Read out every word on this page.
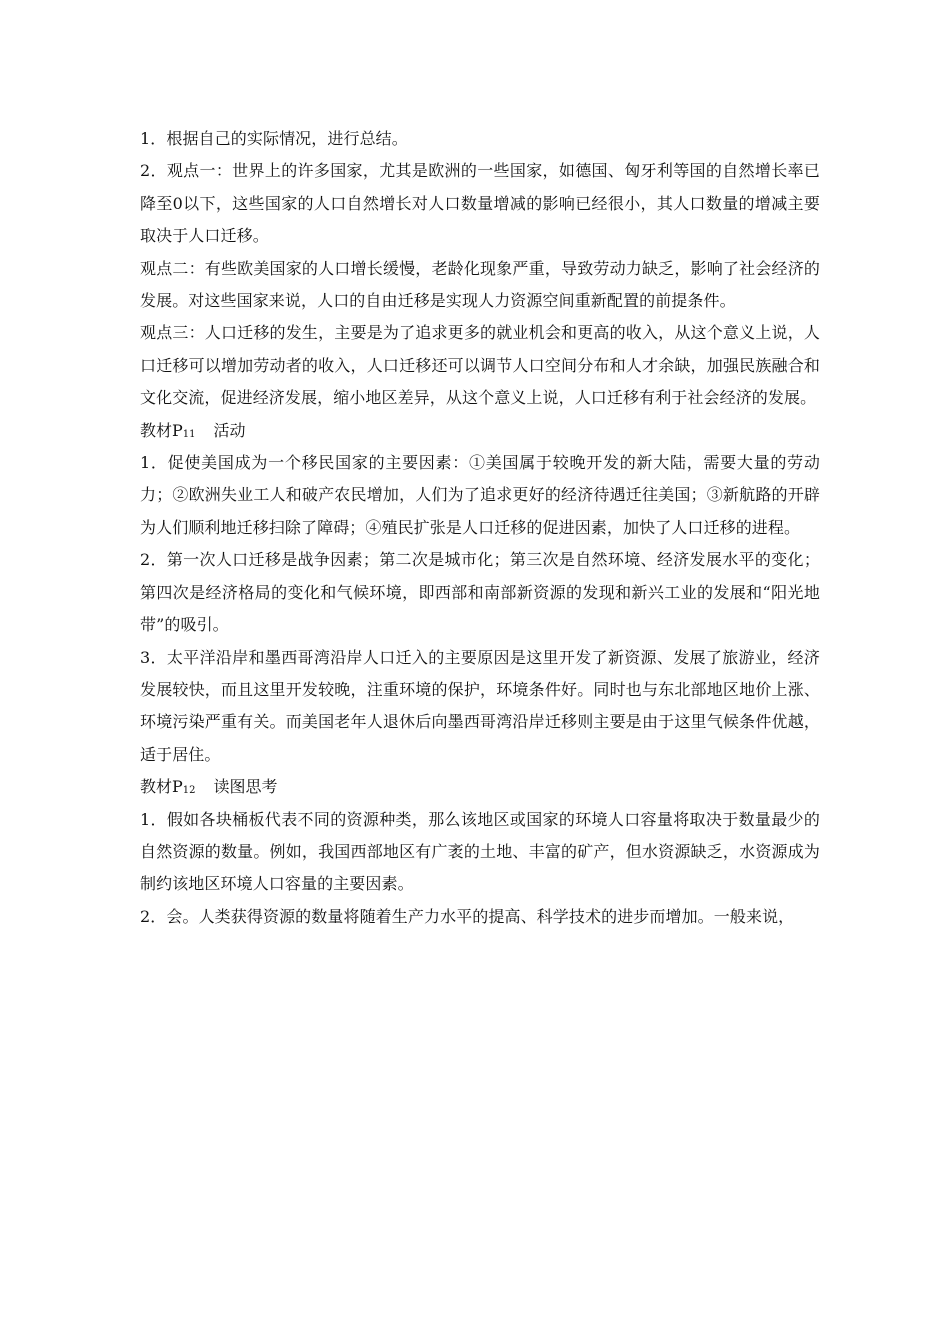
1．根据自己的实际情况，进行总结。

2．观点一：世界上的许多国家，尤其是欧洲的一些国家，如德国、匈牙利等国的自然增长率已降至0以下，这些国家的人口自然增长对人口数量增减的影响已经很小，其人口数量的增减主要取决于人口迁移。

观点二：有些欧美国家的人口增长缓慢，老龄化现象严重，导致劳动力缺乏，影响了社会经济的发展。对这些国家来说，人口的自由迁移是实现人力资源空间重新配置的前提条件。

观点三：人口迁移的发生，主要是为了追求更多的就业机会和更高的收入，从这个意义上说，人口迁移可以增加劳动者的收入，人口迁移还可以调节人口空间分布和人才余缺，加强民族融合和文化交流，促进经济发展，缩小地区差异，从这个意义上说，人口迁移有利于社会经济的发展。

教材$P_{11}$ 活动

1．促使美国成为一个移民国家的主要因素：①美国属于较晚开发的新大陆，需要大量的劳动力；②欧洲失业工人和破产农民增加，人们为了追求更好的经济待遇迁往美国；③新航路的开辟为人们顺利地迁移扫除了障碍；④殖民扩张是人口迁移的促进因素，加快了人口迁移的进程。

2．第一次人口迁移是战争因素；第二次是城市化；第三次是自然环境、经济发展水平的变化；第四次是经济格局的变化和气候环境，即西部和南部新资源的发现和新兴工业的发展和“阳光地带”的吸引。

3．太平洋沿岸和墨西哥湾沿岸人口迁入的主要原因是这里开发了新资源、发展了旅游业，经济发展较快，而且这里开发较晚，注重环境的保护，环境条件好。同时也与东北部地区地价上涨、环境污染严重有关。而美国老年人退休后向墨西哥湾沿岸迁移则主要是由于这里气候条件优越，适于居住。

教材$P_{12}$ 读图思考

1．假如各块桶板代表不同的资源种类，那么该地区或国家的环境人口容量将取决于数量最少的自然资源的数量。例如，我国西部地区有广袤的土地、丰富的矿产，但水资源缺乏，水资源成为制约该地区环境人口容量的主要因素。

2．会。人类获得资源的数量将随着生产力水平的提高、科学技术的进步而增加。一般来说，
